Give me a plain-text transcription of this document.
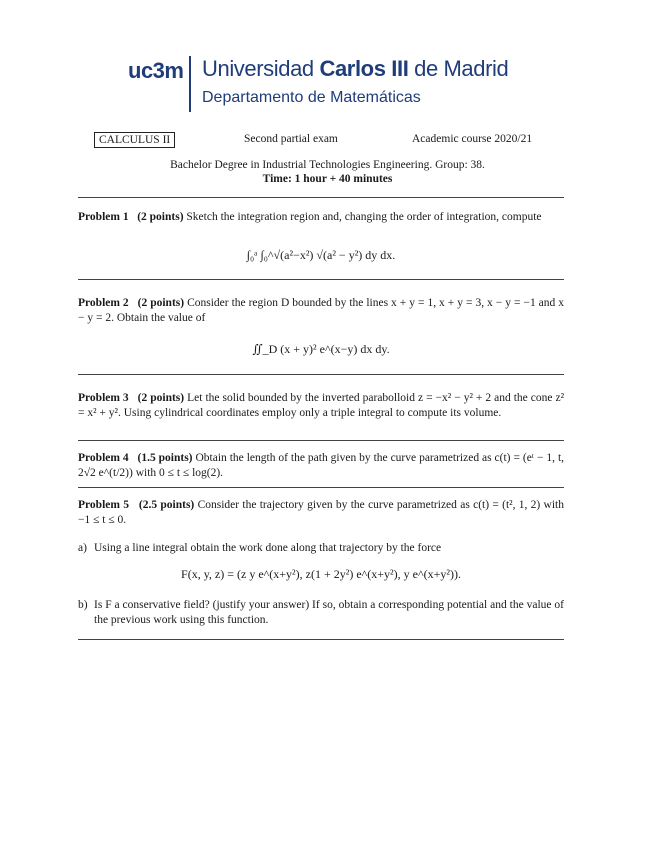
uc3m Universidad Carlos III de Madrid
Departamento de Matemáticas
CALCULUS II	Second partial exam	Academic course 2020/21
Bachelor Degree in Industrial Technologies Engineering. Group: 38.
Time: 1 hour + 40 minutes
Problem 1 (2 points) Sketch the integration region and, changing the order of integration, compute
∫₀ᵃ ∫₀^√(a²−x²) √(a² − y²) dy dx.
Problem 2 (2 points) Consider the region D bounded by the lines x + y = 1, x + y = 3, x − y = −1 and x − y = 2. Obtain the value of
∬_D (x + y)² e^(x−y) dx dy.
Problem 3 (2 points) Let the solid bounded by the inverted parabolloid z = −x² − y² + 2 and the cone z² = x² + y². Using cylindrical coordinates employ only a triple integral to compute its volume.
Problem 4 (1.5 points) Obtain the length of the path given by the curve parametrized as c(t) = (eᵗ − 1, t, 2√2 e^(t/2)) with 0 ≤ t ≤ log(2).
Problem 5 (2.5 points) Consider the trajectory given by the curve parametrized as c(t) = (t², 1, 2) with −1 ≤ t ≤ 0.
a) Using a line integral obtain the work done along that trajectory by the force
F(x, y, z) = (z y e^(x+y²), z(1 + 2y²) e^(x+y²), y e^(x+y²)).
b) Is F a conservative field? (justify your answer) If so, obtain a corresponding potential and the value of the previous work using this function.
